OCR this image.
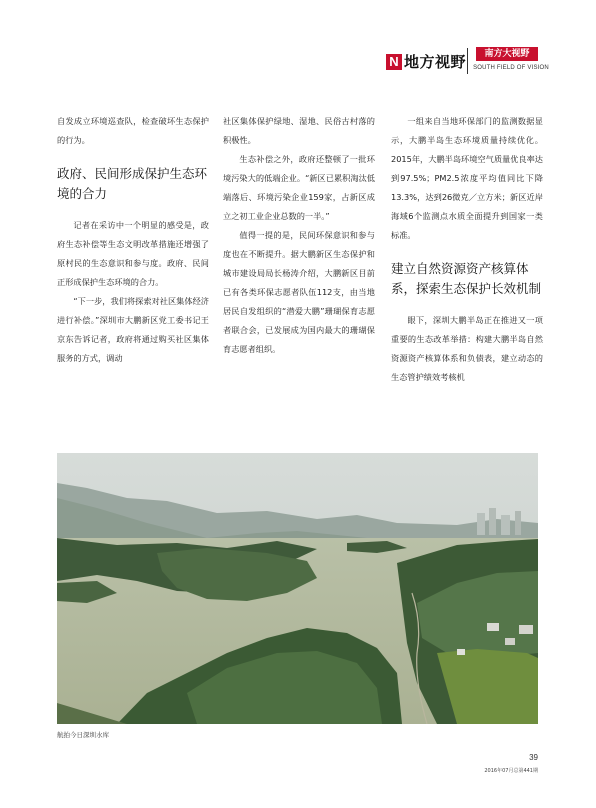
N 地方视野	南方大视野
SOUTH FIELD OF VISION

自发成立环境巡查队，检查破坏生态保护的行为。

政府、民间形成保护生态环境的合力

记者在采访中一个明显的感受是，政府生态补偿等生态文明改革措施还增强了原村民的生态意识和参与度。政府、民间正形成保护生态环境的合力。

“下一步，我们将探索对社区集体经济进行补偿。”深圳市大鹏新区党工委书记王京东告诉记者，政府将通过购买社区集体服务的方式，调动

社区集体保护绿地、湿地、民俗古村落的积极性。

生态补偿之外，政府还整顿了一批环境污染大的低端企业。“新区已累积淘汰低端落后、环境污染企业159家，占新区成立之初工业企业总数的一半。”

值得一提的是，民间环保意识和参与度也在不断提升。据大鹏新区生态保护和城市建设局局长杨涛介绍，大鹏新区目前已有各类环保志愿者队伍112支，由当地居民自发组织的“潜爱大鹏”珊瑚保育志愿者联合会，已发展成为国内最大的珊瑚保育志愿者组织。

一组来自当地环保部门的监测数据显示，大鹏半岛生态环境质量持续优化。2015年，大鹏半岛环境空气质量优良率达到97.5%；PM2.5浓度平均值同比下降13.3%，达到26微克／立方米；新区近岸海域6个监测点水质全面提升到国家一类标准。

建立自然资源资产核算体系，探索生态保护长效机制

眼下，深圳大鹏半岛正在推进又一项重要的生态改革举措：构建大鹏半岛自然资源资产核算体系和负债表，建立动态的生态管护绩效考核机

航拍今日深圳水库
39
2016年07月总第441期
